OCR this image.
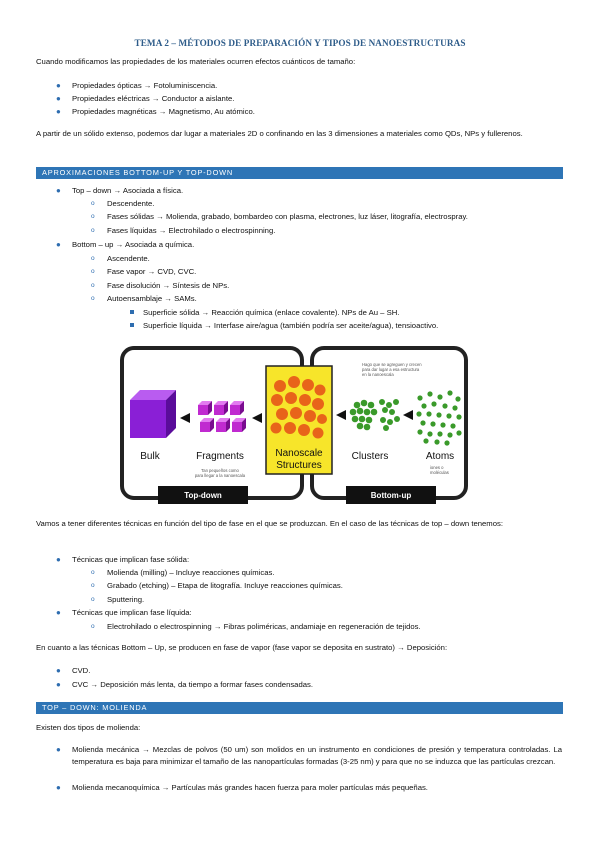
TEMA 2 – MÉTODOS DE PREPARACIÓN Y TIPOS DE NANOESTRUCTURAS
Cuando modificamos las propiedades de los materiales ocurren efectos cuánticos de tamaño:
● Propiedades ópticas → Fotoluminiscencia.
● Propiedades eléctricas → Conductor a aislante.
● Propiedades magnéticas → Magnetismo, Au atómico.
A partir de un sólido extenso, podemos dar lugar a materiales 2D o confinando en las 3 dimensiones a materiales como QDs, NPs y fullerenos.
APROXIMACIONES BOTTOM-UP Y TOP-DOWN
● Top – down → Asociada a física.
o Descendente.
o Fases sólidas → Molienda, grabado, bombardeo con plasma, electrones, luz láser, litografía, electrospray.
o Fases líquidas → Electrohilado o electrospinning.
● Bottom – up → Asociada a química.
o Ascendente.
o Fase vapor → CVD, CVC.
o Fase disolución → Síntesis de NPs.
o Autoensamblaje → SAMs.
Superficie sólida → Reacción química (enlace covalente). NPs de Au – SH.
Superficie líquida → Interfase aire/agua (también podría ser aceite/agua), tensioactivo.
Nanoscale
Structures
Bulk	Fragments	Clusters	Atoms
Tan pequeños como
para llegar a la nanoescala
iones o
moléculas
Hago que se agreguen y crecen
para dar lugar a esa estructura
en la nanoescala
Top-down	Bottom-up
Vamos a tener diferentes técnicas en función del tipo de fase en el que se produzcan. En el caso de las técnicas de top – down tenemos:
● Técnicas que implican fase sólida:
o Molienda (milling) – Incluye reacciones químicas.
o Grabado (etching) – Etapa de litografía. Incluye reacciones químicas.
o Sputtering.
● Técnicas que implican fase líquida:
o Electrohilado o electrospinning → Fibras poliméricas, andamiaje en regeneración de tejidos.
En cuanto a las técnicas Bottom – Up, se producen en fase de vapor (fase vapor se deposita en sustrato) → Deposición:
● CVD.
● CVC → Deposición más lenta, da tiempo a formar fases condensadas.
TOP – DOWN: MOLIENDA
Existen dos tipos de molienda:
● Molienda mecánica → Mezclas de polvos (50 um) son molidos en un instrumento en condiciones de presión y temperatura controladas. La temperatura es baja para minimizar el tamaño de las nanopartículas formadas (3-25 nm) y para que no se induzca que las partículas crezcan.
● Molienda mecanoquímica → Partículas más grandes hacen fuerza para moler partículas más pequeñas.
